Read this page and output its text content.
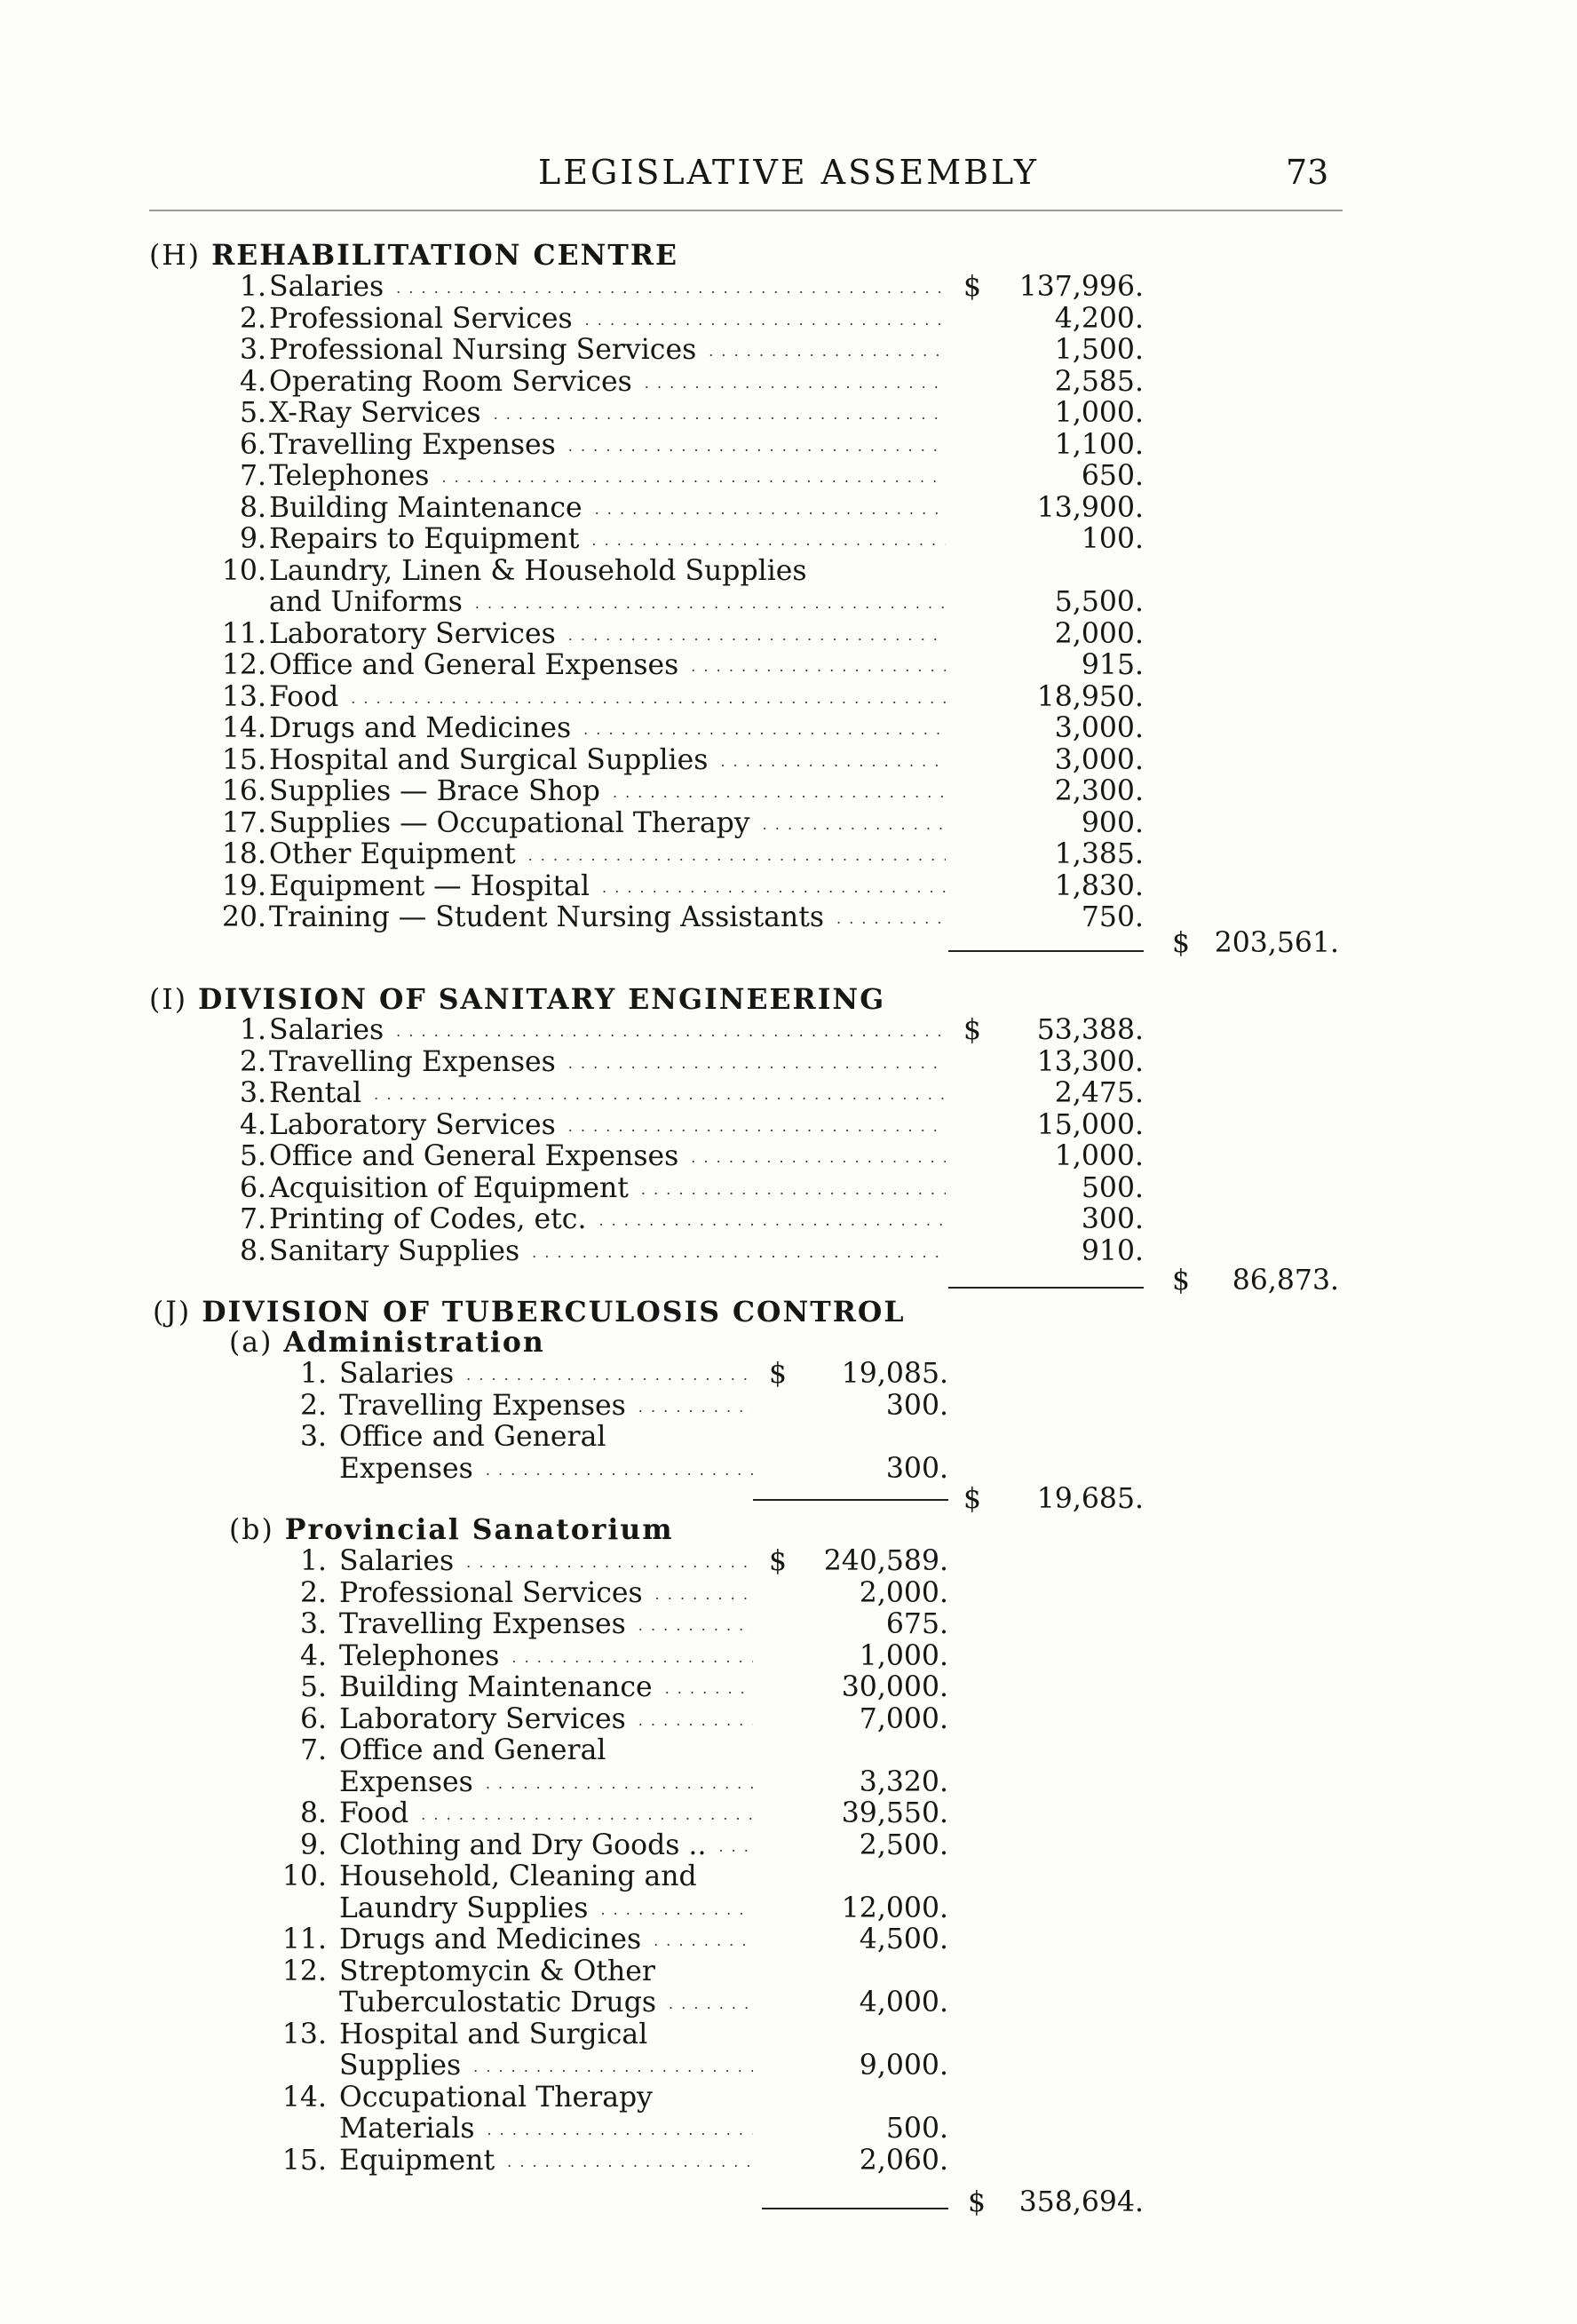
LEGISLATIVE ASSEMBLY	73
(H) REHABILITATION CENTRE
1. Salaries . . .	$	137,996.
2. Professional Services . . .	4,200.
3. Professional Nursing Services . . .	1,500.
4. Operating Room Services . . .	2,585.
5. X-Ray Services . . .	1,000.
6. Travelling Expenses . . .	1,100.
7. Telephones . . .	650.
8. Building Maintenance . . .	13,900.
9. Repairs to Equipment . . .	100.
10. Laundry, Linen & Household Supplies
and Uniforms . . .	5,500.
11. Laboratory Services . . .	2,000.
12. Office and General Expenses . . .	915.
13. Food . . .	18,950.
14. Drugs and Medicines . . .	3,000.
15. Hospital and Surgical Supplies . . .	3,000.
16. Supplies — Brace Shop . . .	2,300.
17. Supplies — Occupational Therapy . . .	900.
18. Other Equipment . . .	1,385.
19. Equipment — Hospital . . .	1,830.
20. Training — Student Nursing Assistants . . .	750.
$ 203,561.
(I) DIVISION OF SANITARY ENGINEERING
1. Salaries . . .	$	53,388.
2. Travelling Expenses . . .	13,300.
3. Rental . . .	2,475.
4. Laboratory Services . . .	15,000.
5. Office and General Expenses . . .	1,000.
6. Acquisition of Equipment . . .	500.
7. Printing of Codes, etc. . . .	300.
8. Sanitary Supplies . . .	910.
$	86,873.
(J) DIVISION OF TUBERCULOSIS CONTROL
(a) Administration
1. Salaries . . .	$	19,085.
2. Travelling Expenses . . .	300.
3. Office and General
Expenses . . .	300.
$	19,685.
(b) Provincial Sanatorium
1. Salaries . . .	$	240,589.
2. Professional Services . . .	2,000.
3. Travelling Expenses . . .	675.
4. Telephones . . .	1,000.
5. Building Maintenance . . .	30,000.
6. Laboratory Services . . .	7,000.
7. Office and General
Expenses . . .	3,320.
8. Food . . .	39,550.
9. Clothing and Dry Goods .. . . .	2,500.
10. Household, Cleaning and
Laundry Supplies . . .	12,000.
11. Drugs and Medicines . . .	4,500.
12. Streptomycin & Other
Tuberculostatic Drugs . . .	4,000.
13. Hospital and Surgical
Supplies . . .	9,000.
14. Occupational Therapy
Materials . . .	500.
15. Equipment . . .	2,060.
$	358,694.
